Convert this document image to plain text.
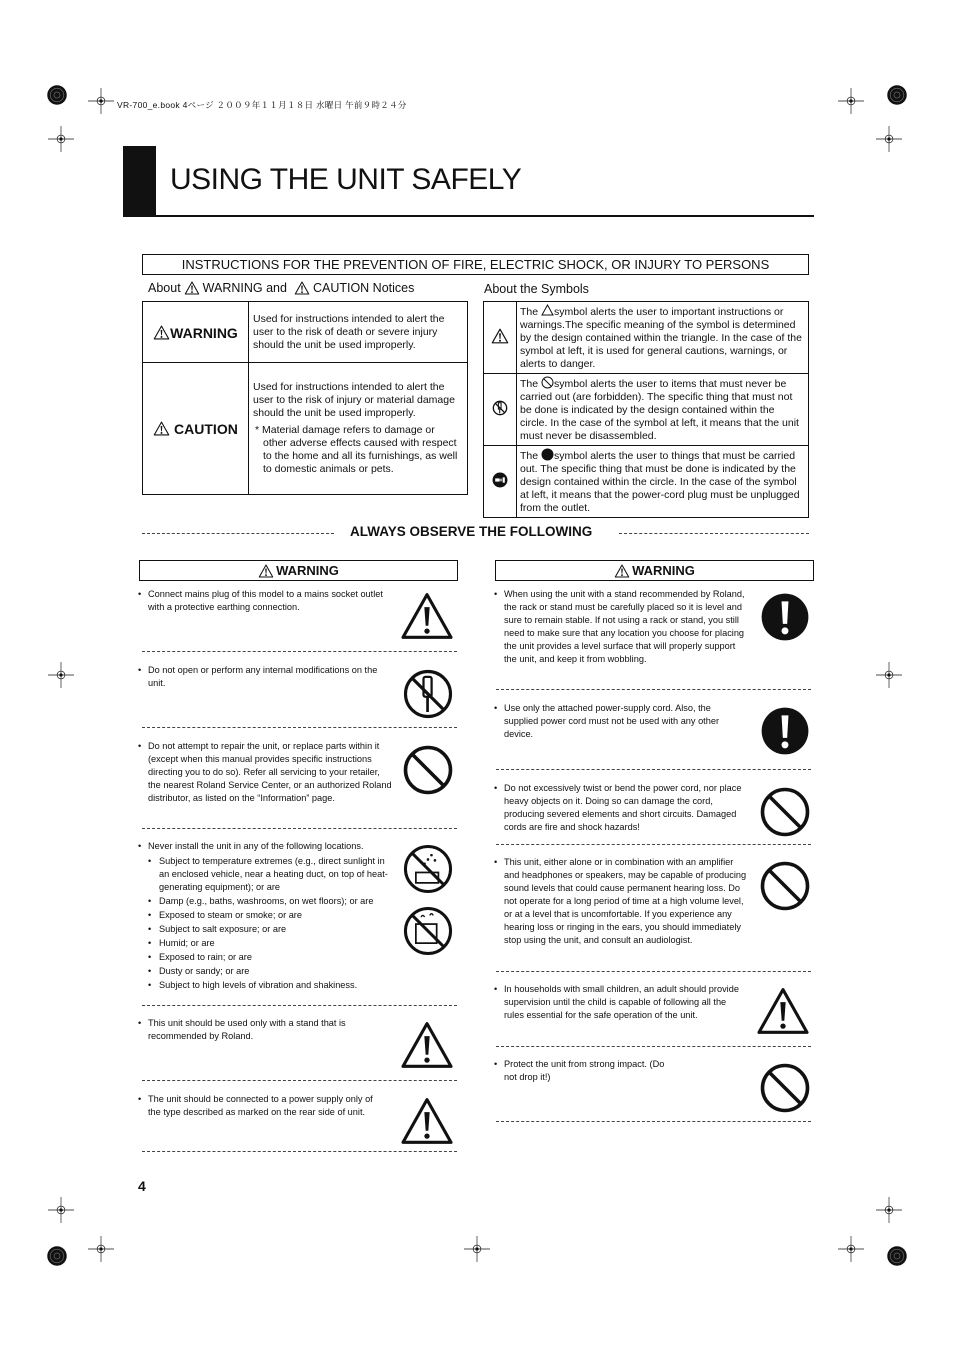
VR-700_e.book 4ページ ２００９年１１月１８日 水曜日 午前９時２４分
USING THE UNIT SAFELY
INSTRUCTIONS FOR THE PREVENTION OF FIRE, ELECTRIC SHOCK, OR INJURY TO PERSONS
About WARNING and CAUTION Notices	About the Symbols
WARNING	Used for instructions intended to alert the user to the risk of death or severe injury should the unit be used improperly.
CAUTION	Used for instructions intended to alert the user to the risk of injury or material damage should the unit be used improperly.
* Material damage refers to damage or other adverse effects caused with respect to the home and all its furnishings, as well to domestic animals or pets.
	The symbol alerts the user to important instructions or warnings.The specific meaning of the symbol is determined by the design contained within the triangle. In the case of the symbol at left, it is used for general cautions, warnings, or alerts to danger.
	The symbol alerts the user to items that must never be carried out (are forbidden). The specific thing that must not be done is indicated by the design contained within the circle. In the case of the symbol at left, it means that the unit must never be disassembled.
	The symbol alerts the user to things that must be carried out. The specific thing that must be done is indicated by the design contained within the circle. In the case of the symbol at left, it means that the power-cord plug must be unplugged from the outlet.
ALWAYS OBSERVE THE FOLLOWING
WARNING
• Connect mains plug of this model to a mains socket outlet with a protective earthing connection.
• Do not open or perform any internal modifications on the unit.
• Do not attempt to repair the unit, or replace parts within it (except when this manual provides specific instructions directing you to do so). Refer all servicing to your retailer, the nearest Roland Service Center, or an authorized Roland distributor, as listed on the “Information” page.
• Never install the unit in any of the following locations.
• Subject to temperature extremes (e.g., direct sunlight in an enclosed vehicle, near a heating duct, on top of heat-generating equipment); or are
• Damp (e.g., baths, washrooms, on wet floors); or are
• Exposed to steam or smoke; or are
• Subject to salt exposure; or are
• Humid; or are
• Exposed to rain; or are
• Dusty or sandy; or are
• Subject to high levels of vibration and shakiness.
• This unit should be used only with a stand that is recommended by Roland.
• The unit should be connected to a power supply only of the type described as marked on the rear side of unit.
WARNING
• When using the unit with a stand recommended by Roland, the rack or stand must be carefully placed so it is level and sure to remain stable. If not using a rack or stand, you still need to make sure that any location you choose for placing the unit provides a level surface that will properly support the unit, and keep it from wobbling.
• Use only the attached power-supply cord. Also, the supplied power cord must not be used with any other device.
• Do not excessively twist or bend the power cord, nor place heavy objects on it. Doing so can damage the cord, producing severed elements and short circuits. Damaged cords are fire and shock hazards!
• This unit, either alone or in combination with an amplifier and headphones or speakers, may be capable of producing sound levels that could cause permanent hearing loss. Do not operate for a long period of time at a high volume level, or at a level that is uncomfortable. If you experience any hearing loss or ringing in the ears, you should immediately stop using the unit, and consult an audiologist.
• In households with small children, an adult should provide supervision until the child is capable of following all the rules essential for the safe operation of the unit.
• Protect the unit from strong impact. (Do not drop it!)
4
